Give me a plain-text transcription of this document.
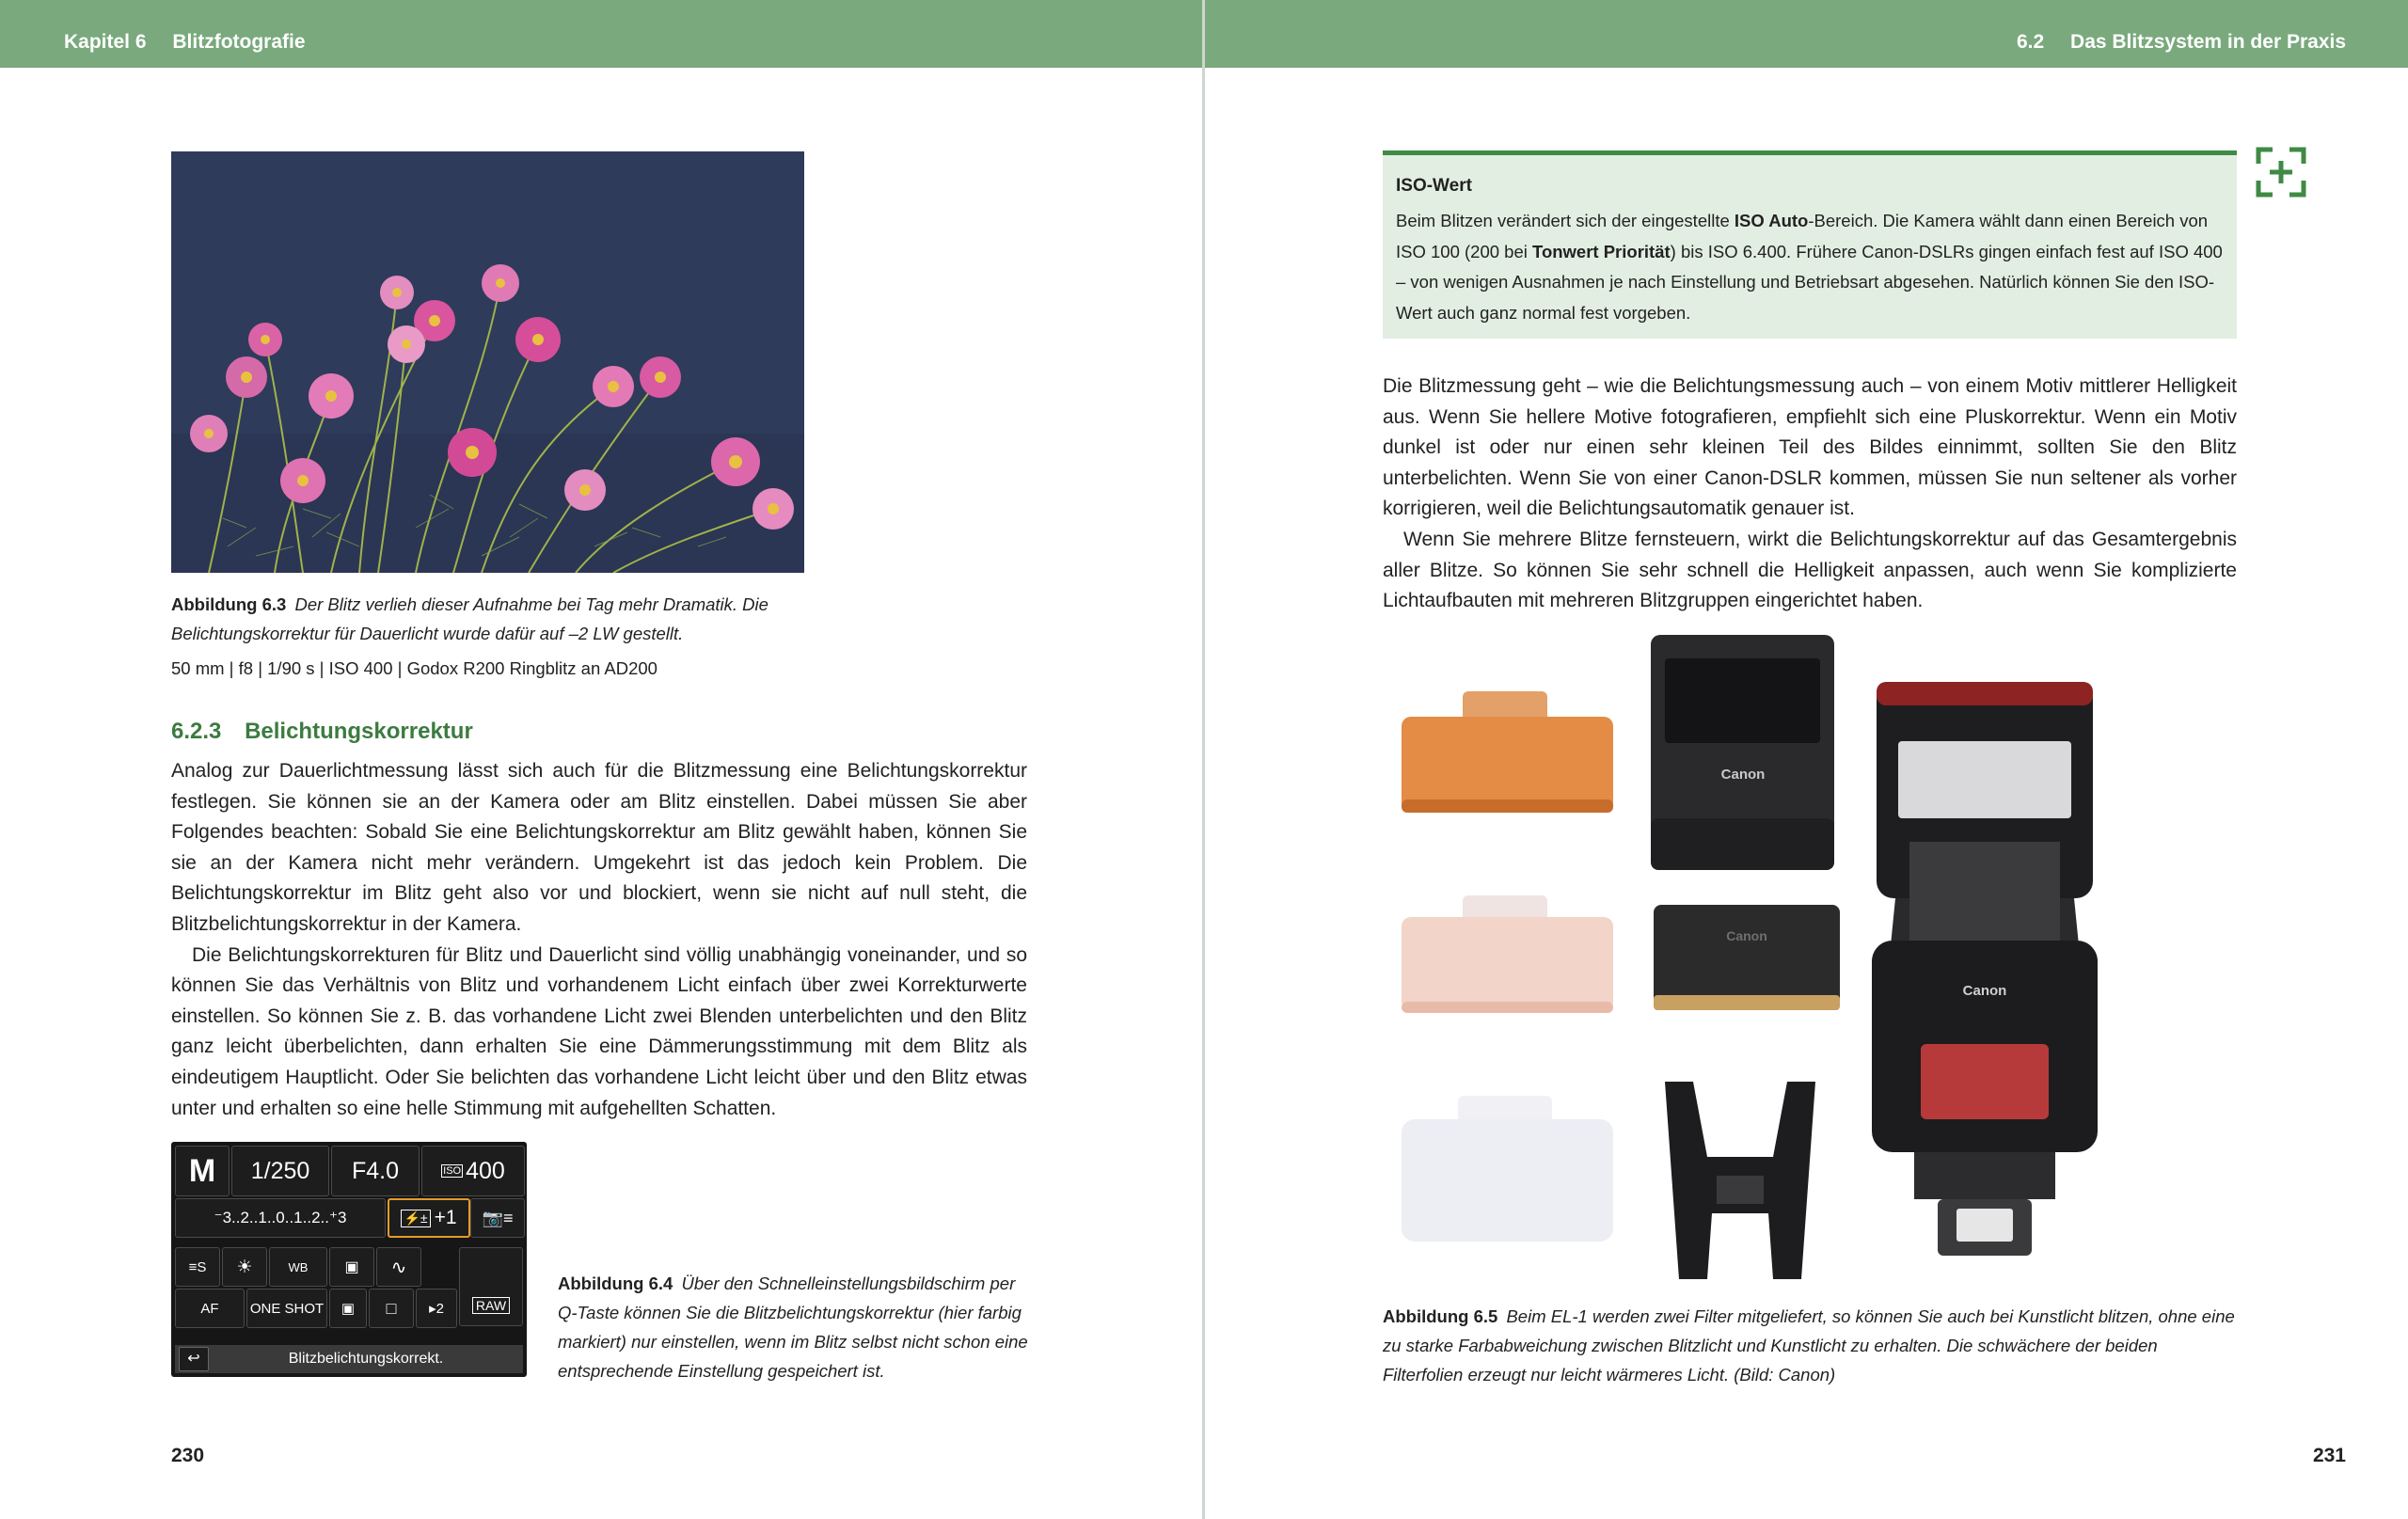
Kapitel 6 Blitzfotografie
Abbildung 6.3 Der Blitz verlieh dieser Aufnahme bei Tag mehr Dramatik. Die Belichtungskorrektur für Dauerlicht wurde dafür auf –2 LW gestellt.
50 mm | f8 | 1/90 s | ISO 400 | Godox R200 Ringblitz an AD200
6.2.3 Belichtungskorrektur

Analog zur Dauerlichtmessung lässt sich auch für die Blitzmessung eine Belichtungskorrektur festlegen. Sie können sie an der Kamera oder am Blitz einstellen. Dabei müssen Sie aber Folgendes beachten: Sobald Sie eine Belichtungskorrektur am Blitz gewählt haben, können Sie sie an der Kamera nicht mehr verändern. Umgekehrt ist das jedoch kein Problem. Die Belichtungskorrektur im Blitz geht also vor und blockiert, wenn sie nicht auf null steht, die Blitzbelichtungskorrektur in der Kamera.

Die Belichtungskorrekturen für Blitz und Dauerlicht sind völlig unabhängig voneinander, und so können Sie das Verhältnis von Blitz und vorhandenem Licht einfach über zwei Korrekturwerte einstellen. So können Sie z. B. das vorhandene Licht zwei Blenden unterbelichten und den Blitz ganz leicht überbelichten, dann erhalten Sie eine Dämmerungsstimmung mit dem Blitz als eindeutigem Hauptlicht. Oder Sie belichten das vorhandene Licht leicht über und den Blitz etwas unter und erhalten so eine helle Stimmung mit aufgehellten Schatten.

M	1/250	F4.0	ISO 400
⁻3..2..1..0..1..2..⁺3	⚡± +1	📷≡
≡S	☀	WB	▣	∿
AF	ONE SHOT	▣	□	▸2	RAW
↩	Blitzbelichtungskorrekt.
Abbildung 6.4 Über den Schnelleinstellungsbildschirm per Q-Taste können Sie die Blitzbelichtungskorrektur (hier farbig markiert) nur einstellen, wenn im Blitz selbst nicht schon eine entsprechende Einstellung gespeichert ist.
230
6.2 Das Blitzsystem in der Praxis
ISO-Wert
Beim Blitzen verändert sich der eingestellte ISO Auto-Bereich. Die Kamera wählt dann einen Bereich von ISO 100 (200 bei Tonwert Priorität) bis ISO 6.400. Frühere Canon-DSLRs gingen einfach fest auf ISO 400 – von wenigen Ausnahmen je nach Einstellung und Betriebsart abgesehen. Natürlich können Sie den ISO-Wert auch ganz normal fest vorgeben.

Die Blitzmessung geht – wie die Belichtungsmessung auch – von einem Motiv mittlerer Helligkeit aus. Wenn Sie hellere Motive fotografieren, empfiehlt sich eine Pluskorrektur. Wenn ein Motiv dunkel ist oder nur einen sehr kleinen Teil des Bildes einnimmt, sollten Sie den Blitz unterbelichten. Wenn Sie von einer Canon-DSLR kommen, müssen Sie nun seltener als vorher korrigieren, weil die Belichtungsautomatik genauer ist.

Wenn Sie mehrere Blitze fernsteuern, wirkt die Belichtungskorrektur auf das Gesamtergebnis aller Blitze. So können Sie sehr schnell die Helligkeit anpassen, auch wenn Sie komplizierte Lichtaufbauten mit mehreren Blitzgruppen eingerichtet haben.

Canon
Canon
Canon
Abbildung 6.5 Beim EL-1 werden zwei Filter mitgeliefert, so können Sie auch bei Kunstlicht blitzen, ohne eine zu starke Farbabweichung zwischen Blitzlicht und Kunstlicht zu erhalten. Die schwächere der beiden Filterfolien erzeugt nur leicht wärmeres Licht. (Bild: Canon)
231
